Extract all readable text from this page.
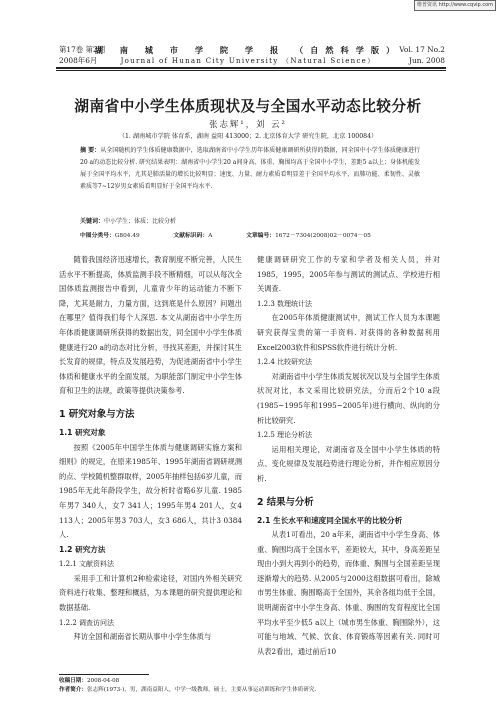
维普资讯 http://www.cqvip.com
第17卷 第2期
2008年6月
湖 南 城 市 学 院 学 报 （自然科学版）
Journal of Hunan City University （Natural Science）
Vol. 17 No.2
Jun. 2008
湖南省中小学生体质现状及与全国水平动态比较分析
张志辉¹，刘 云²
（1. 湖南城市学院 体育系，湖南 益阳 413000；2. 北京体育大学 研究生院，北京 100084）
摘 要：从全国随机的学生体质健康数据中，选取湖南省中小学生历年体质健康调研所获得的数据，同全国中小学生体质健康进行20 a的动态比较分析. 研究结果表明：湖南省中小学生20 a间身高、体重、胸围均高于全国中小学生，差距5 a以上；身体机能发展于全国平均水平，尤其是肺活量的增长比较明显；速度、力量、耐力素质看明显差于全国平均水平，而肺功能、柔韧性、灵敏素质等7~12岁男女素质看明显好于全国平均水平.
关键词：中小学生；体质；比较分析
中图分类号：G804.49	文献标识码：A	文章编号：1672－7304(2008)02－0074－05

随着我国经济迅速增长，教育制度不断完善，人民生活水平不断提高，体质监测手段不断精细，可以从每次全国体质监测报告中看到，儿童青少年的运动能力不断下降，尤其是耐力，力量方面，这到底是什么原因？问题出在哪里？值得我们每个人深思. 本文从湖南省中小学生历年体质健康调研所获得的数据出发，同全国中小学生体质健康进行20 a的动态对比分析，寻找其差距，并探讨其生长发育的规律，特点及发展趋势，为促进湖南省中小学生体质和健康水平的全面发展，为职能部门制定中小学生体育和卫生的法规，政策等提供决策参考.

1 研究对象与方法
1.1 研究对象

按照《2005年中国学生体质与健康调研实施方案和细则》的规定，在原来1985年、1995年湖南省调研规测的点、学校随机整群取样，2005年抽样包括6岁儿童，而1985年无此年龄段学生，故分析时省略6岁儿童. 1985年男7 340人，女7 341人；1995年男4 201人，女4 113人；2005年男3 703人，女3 686人，共计3 0384人.

1.2 研究方法
1.2.1 文献资料法

采用手工和计算机2种检索途径，对国内外相关研究资料进行收集、整理和概括，为本课题的研究提供理论和数据基础.

1.2.2 调查访问法

拜访全国和湖南省长期从事中小学生体质与

健康调研研究工作的专家和学者及相关人员，并对1985，1995，2005年参与测试的测试点、学校进行相关调查.

1.2.3 数理统计法

在2005年体质健康测试中，测试工作人员为本课题研究获得宝贵的第一手资料. 对获得的各种数据利用Excel2003软件和SPSS软件进行统计分析.

1.2.4 比较研究法

对湖南省中小学生体质发展状况以及与全国学生体质状况对比，本文采用比较研究法，分而后2个10 a段(1985~1995年和1995~2005年)进行横向、纵向的分析比较研究.

1.2.5 理论分析法

运用相关理论，对湖南省及全国中小学生体质的特点、变化规律及发展趋势进行理论分析，并作相应原因分析.

2 结果与分析
2.1 生长水平和速度同全国水平的比较分析

从表1可看出，20 a年来，湖南省中小学生身高、体重、胸围均高于全国水平，差距较大，其中，身高差距呈现由小到大再到小的趋势，而体重、胸围与全国差距呈现逐渐增大的趋势. 从2005与2000这组数据可看出，除城市男生体重、胸围略高于全国外，其余各组均低于全国，说明湖南省中小学生身高、体重、胸围的发育程度比全国平均水平至少低5 a以上（城市男生体重、胸围除外），这可能与地域、气候、饮食、体育锻炼等因素有关. 同时可从表2看出，通过前后10

收稿日期：2008-04-08
作者简介：张志辉(1973-)，男，湖南益阳人，中学一级教师，硕士，主要从事运动训练和学生体质研究.
